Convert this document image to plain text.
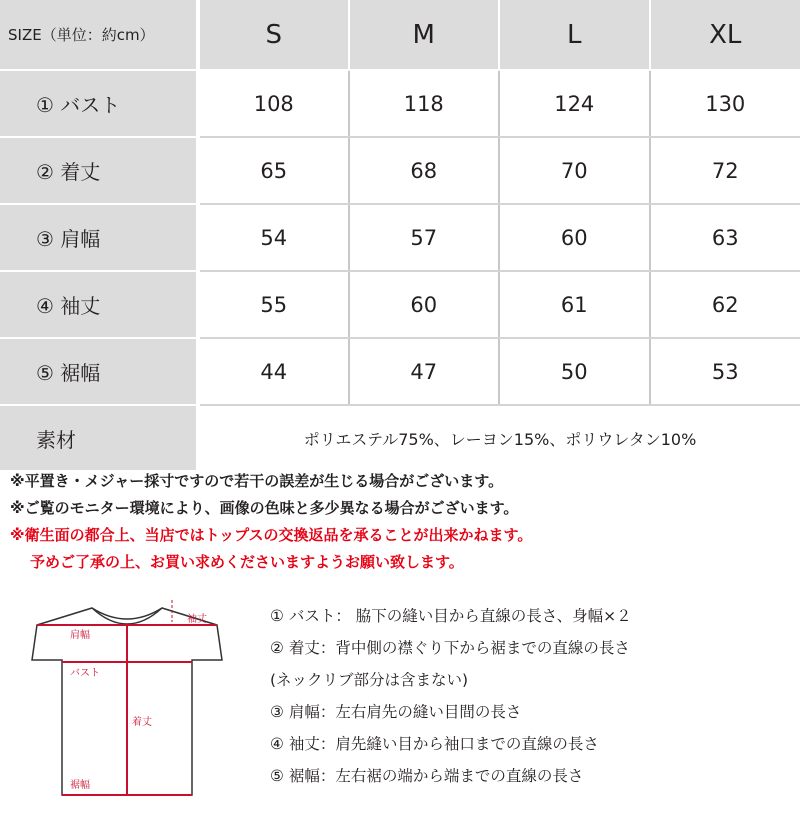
SIZE（単位：約cm）	S	M	L	XL
① バスト	108	118	124	130
② 着丈	65	68	70	72
③ 肩幅	54	57	60	63
④ 袖丈	55	60	61	62
⑤ 裾幅	44	47	50	53
素材	ポリエステル75%、レーヨン15%、ポリウレタン10%			
※平置き・メジャー採寸ですので若干の誤差が生じる場合がございます。
※ご覧のモニター環境により、画像の色味と多少異なる場合がございます。
※衛生面の都合上、当店ではトップスの交換返品を承ることが出来かねます。
予めご了承の上、お買い求めくださいますようお願い致します。
袖丈
肩幅
バスト
着丈
裾幅
① バスト： 脇下の縫い目から直線の長さ、身幅×２
② 着丈：背中側の襟ぐり下から裾までの直線の長さ
(ネックリブ部分は含まない)
③ 肩幅：左右肩先の縫い目間の長さ
④ 袖丈：肩先縫い目から袖口までの直線の長さ
⑤ 裾幅：左右裾の端から端までの直線の長さ
